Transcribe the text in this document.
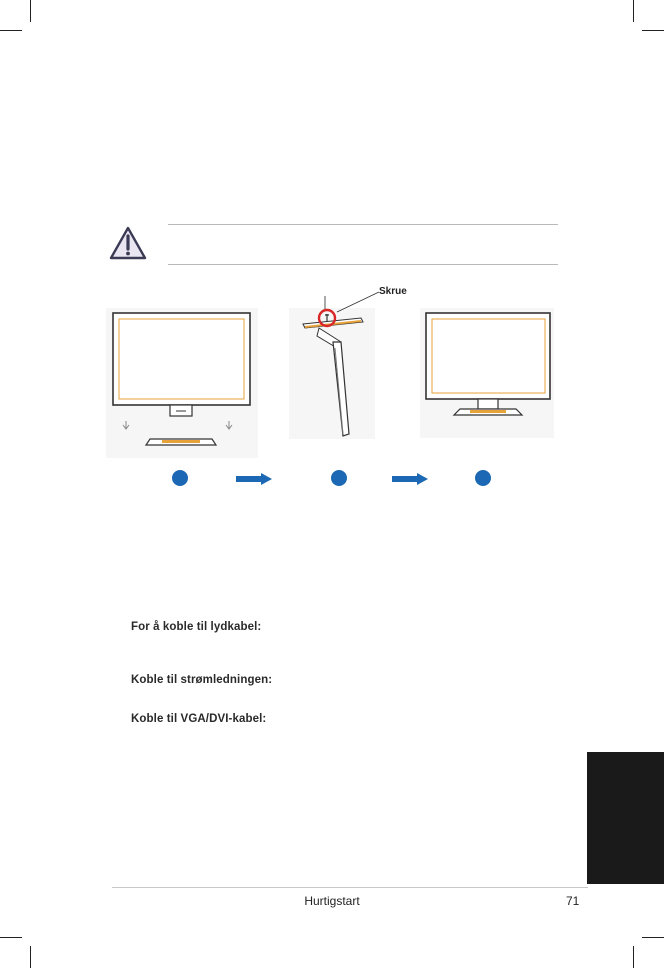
Skrue
For å koble til lydkabel:
Koble til strømledningen:
Koble til VGA/DVI-kabel:
Hurtigstart	71
